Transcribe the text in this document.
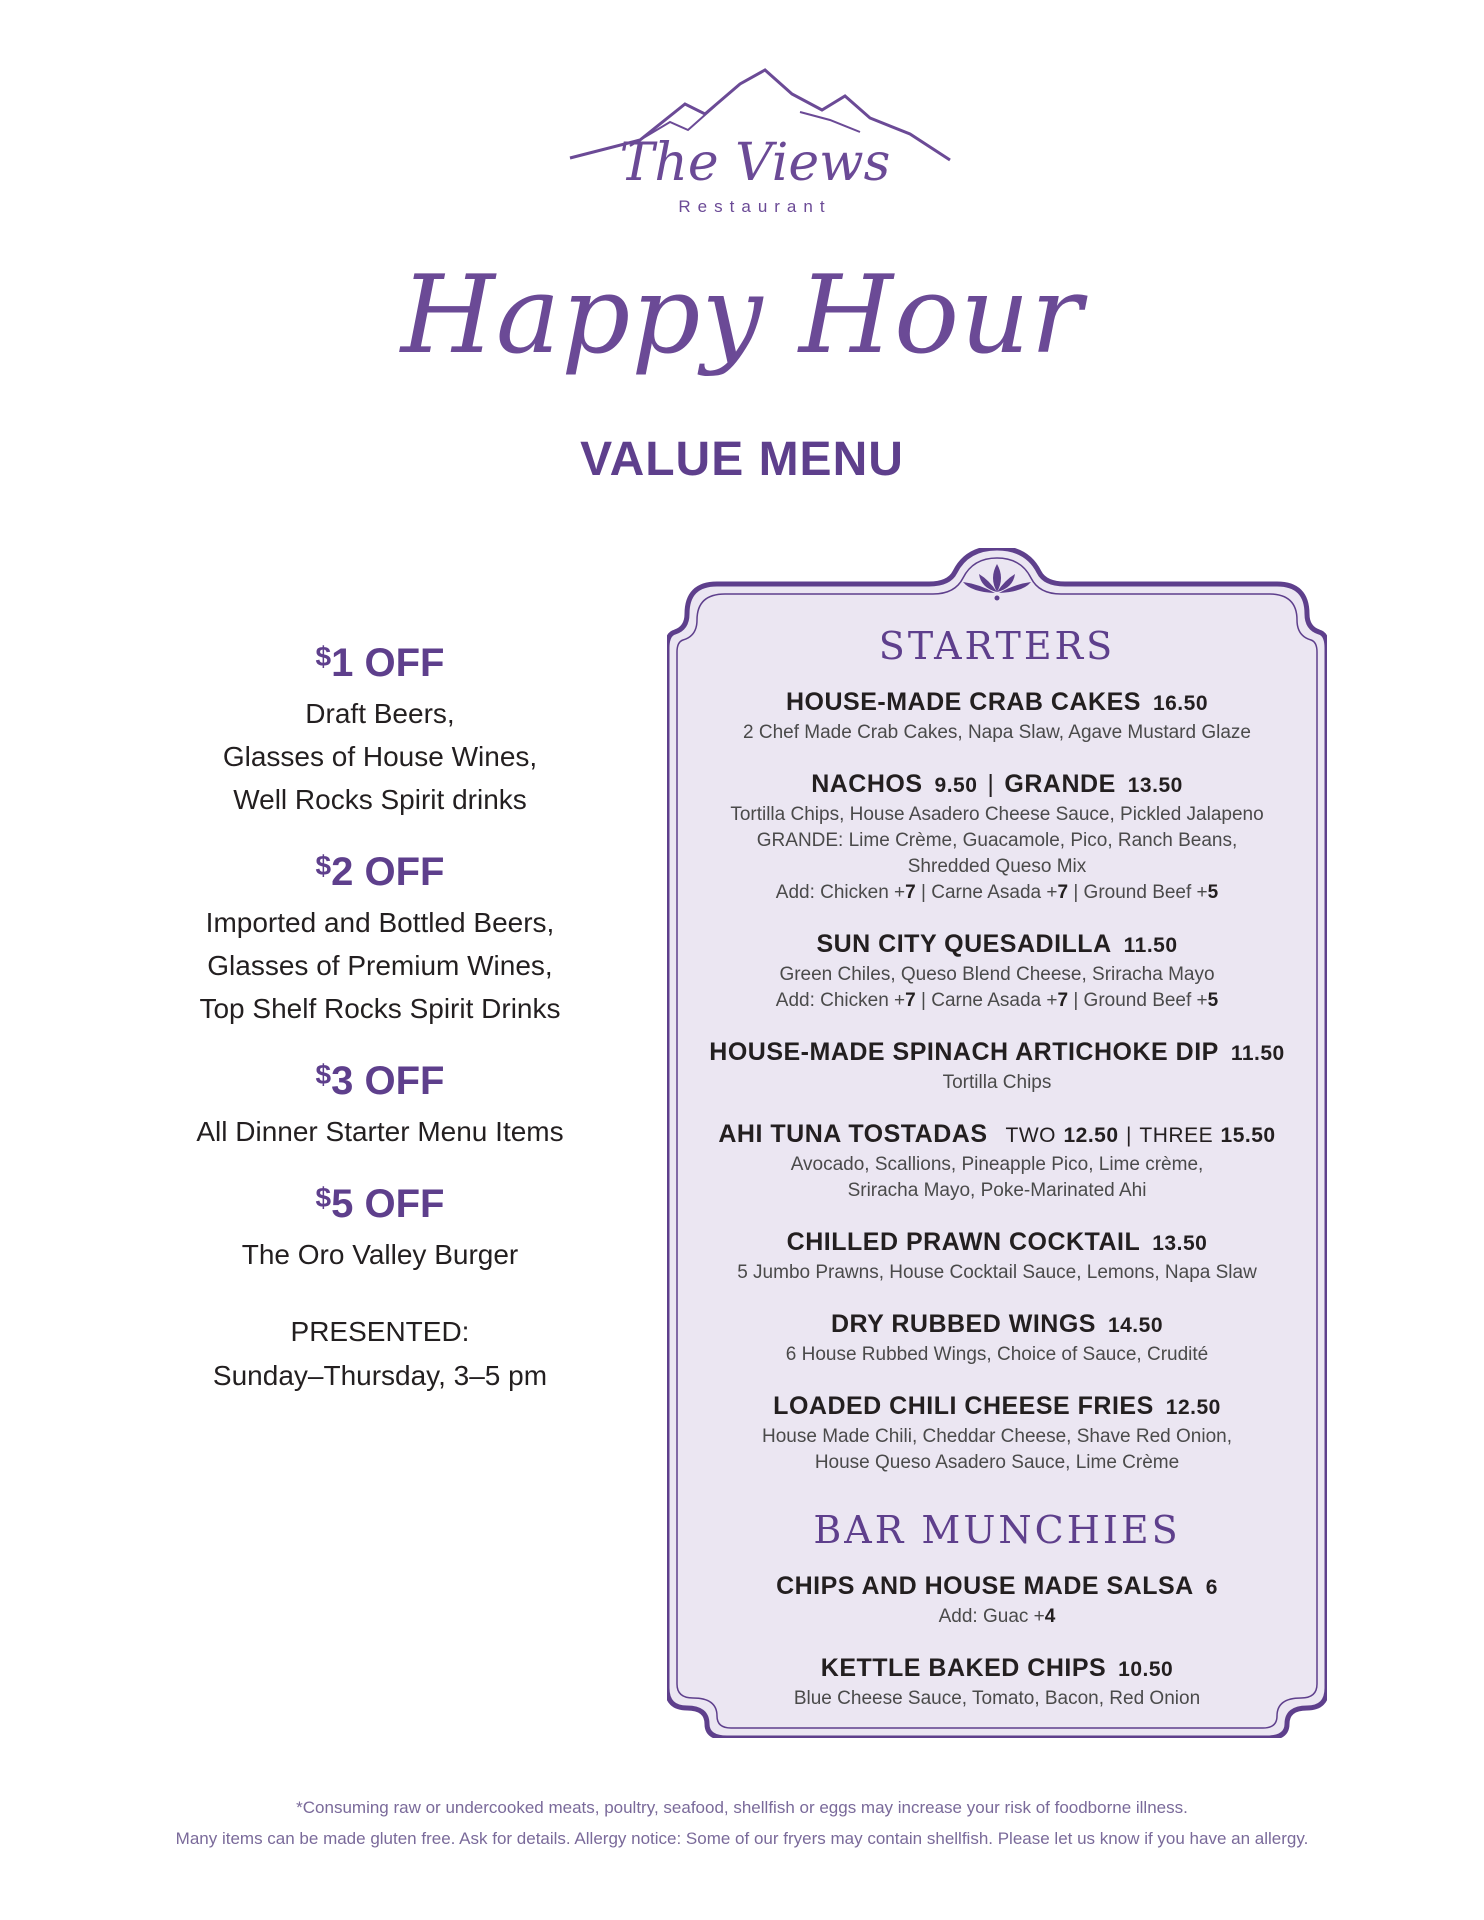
The Views
Restaurant
Happy Hour
VALUE MENU
$1 OFF
Draft Beers,
Glasses of House Wines,
Well Rocks Spirit drinks
$2 OFF
Imported and Bottled Beers,
Glasses of Premium Wines,
Top Shelf Rocks Spirit Drinks
$3 OFF
All Dinner Starter Menu Items
$5 OFF
The Oro Valley Burger
PRESENTED:
Sunday–Thursday, 3–5 pm
STARTERS
HOUSE-MADE CRAB CAKES 16.50
2 Chef Made Crab Cakes, Napa Slaw, Agave Mustard Glaze
NACHOS 9.50 | GRANDE 13.50
Tortilla Chips, House Asadero Cheese Sauce, Pickled Jalapeno
GRANDE: Lime Crème, Guacamole, Pico, Ranch Beans,
Shredded Queso Mix
Add: Chicken +7 | Carne Asada +7 | Ground Beef +5
SUN CITY QUESADILLA 11.50
Green Chiles, Queso Blend Cheese, Sriracha Mayo
Add: Chicken +7 | Carne Asada +7 | Ground Beef +5
HOUSE-MADE SPINACH ARTICHOKE DIP 11.50
Tortilla Chips
AHI TUNA TOSTADAS TWO 12.50 | THREE 15.50
Avocado, Scallions, Pineapple Pico, Lime crème,
Sriracha Mayo, Poke-Marinated Ahi
CHILLED PRAWN COCKTAIL 13.50
5 Jumbo Prawns, House Cocktail Sauce, Lemons, Napa Slaw
DRY RUBBED WINGS 14.50
6 House Rubbed Wings, Choice of Sauce, Crudité
LOADED CHILI CHEESE FRIES 12.50
House Made Chili, Cheddar Cheese, Shave Red Onion,
House Queso Asadero Sauce, Lime Crème
BAR MUNCHIES
CHIPS AND HOUSE MADE SALSA 6
Add: Guac +4
KETTLE BAKED CHIPS 10.50
Blue Cheese Sauce, Tomato, Bacon, Red Onion
*Consuming raw or undercooked meats, poultry, seafood, shellfish or eggs may increase your risk of foodborne illness.
Many items can be made gluten free. Ask for details. Allergy notice: Some of our fryers may contain shellfish. Please let us know if you have an allergy.
